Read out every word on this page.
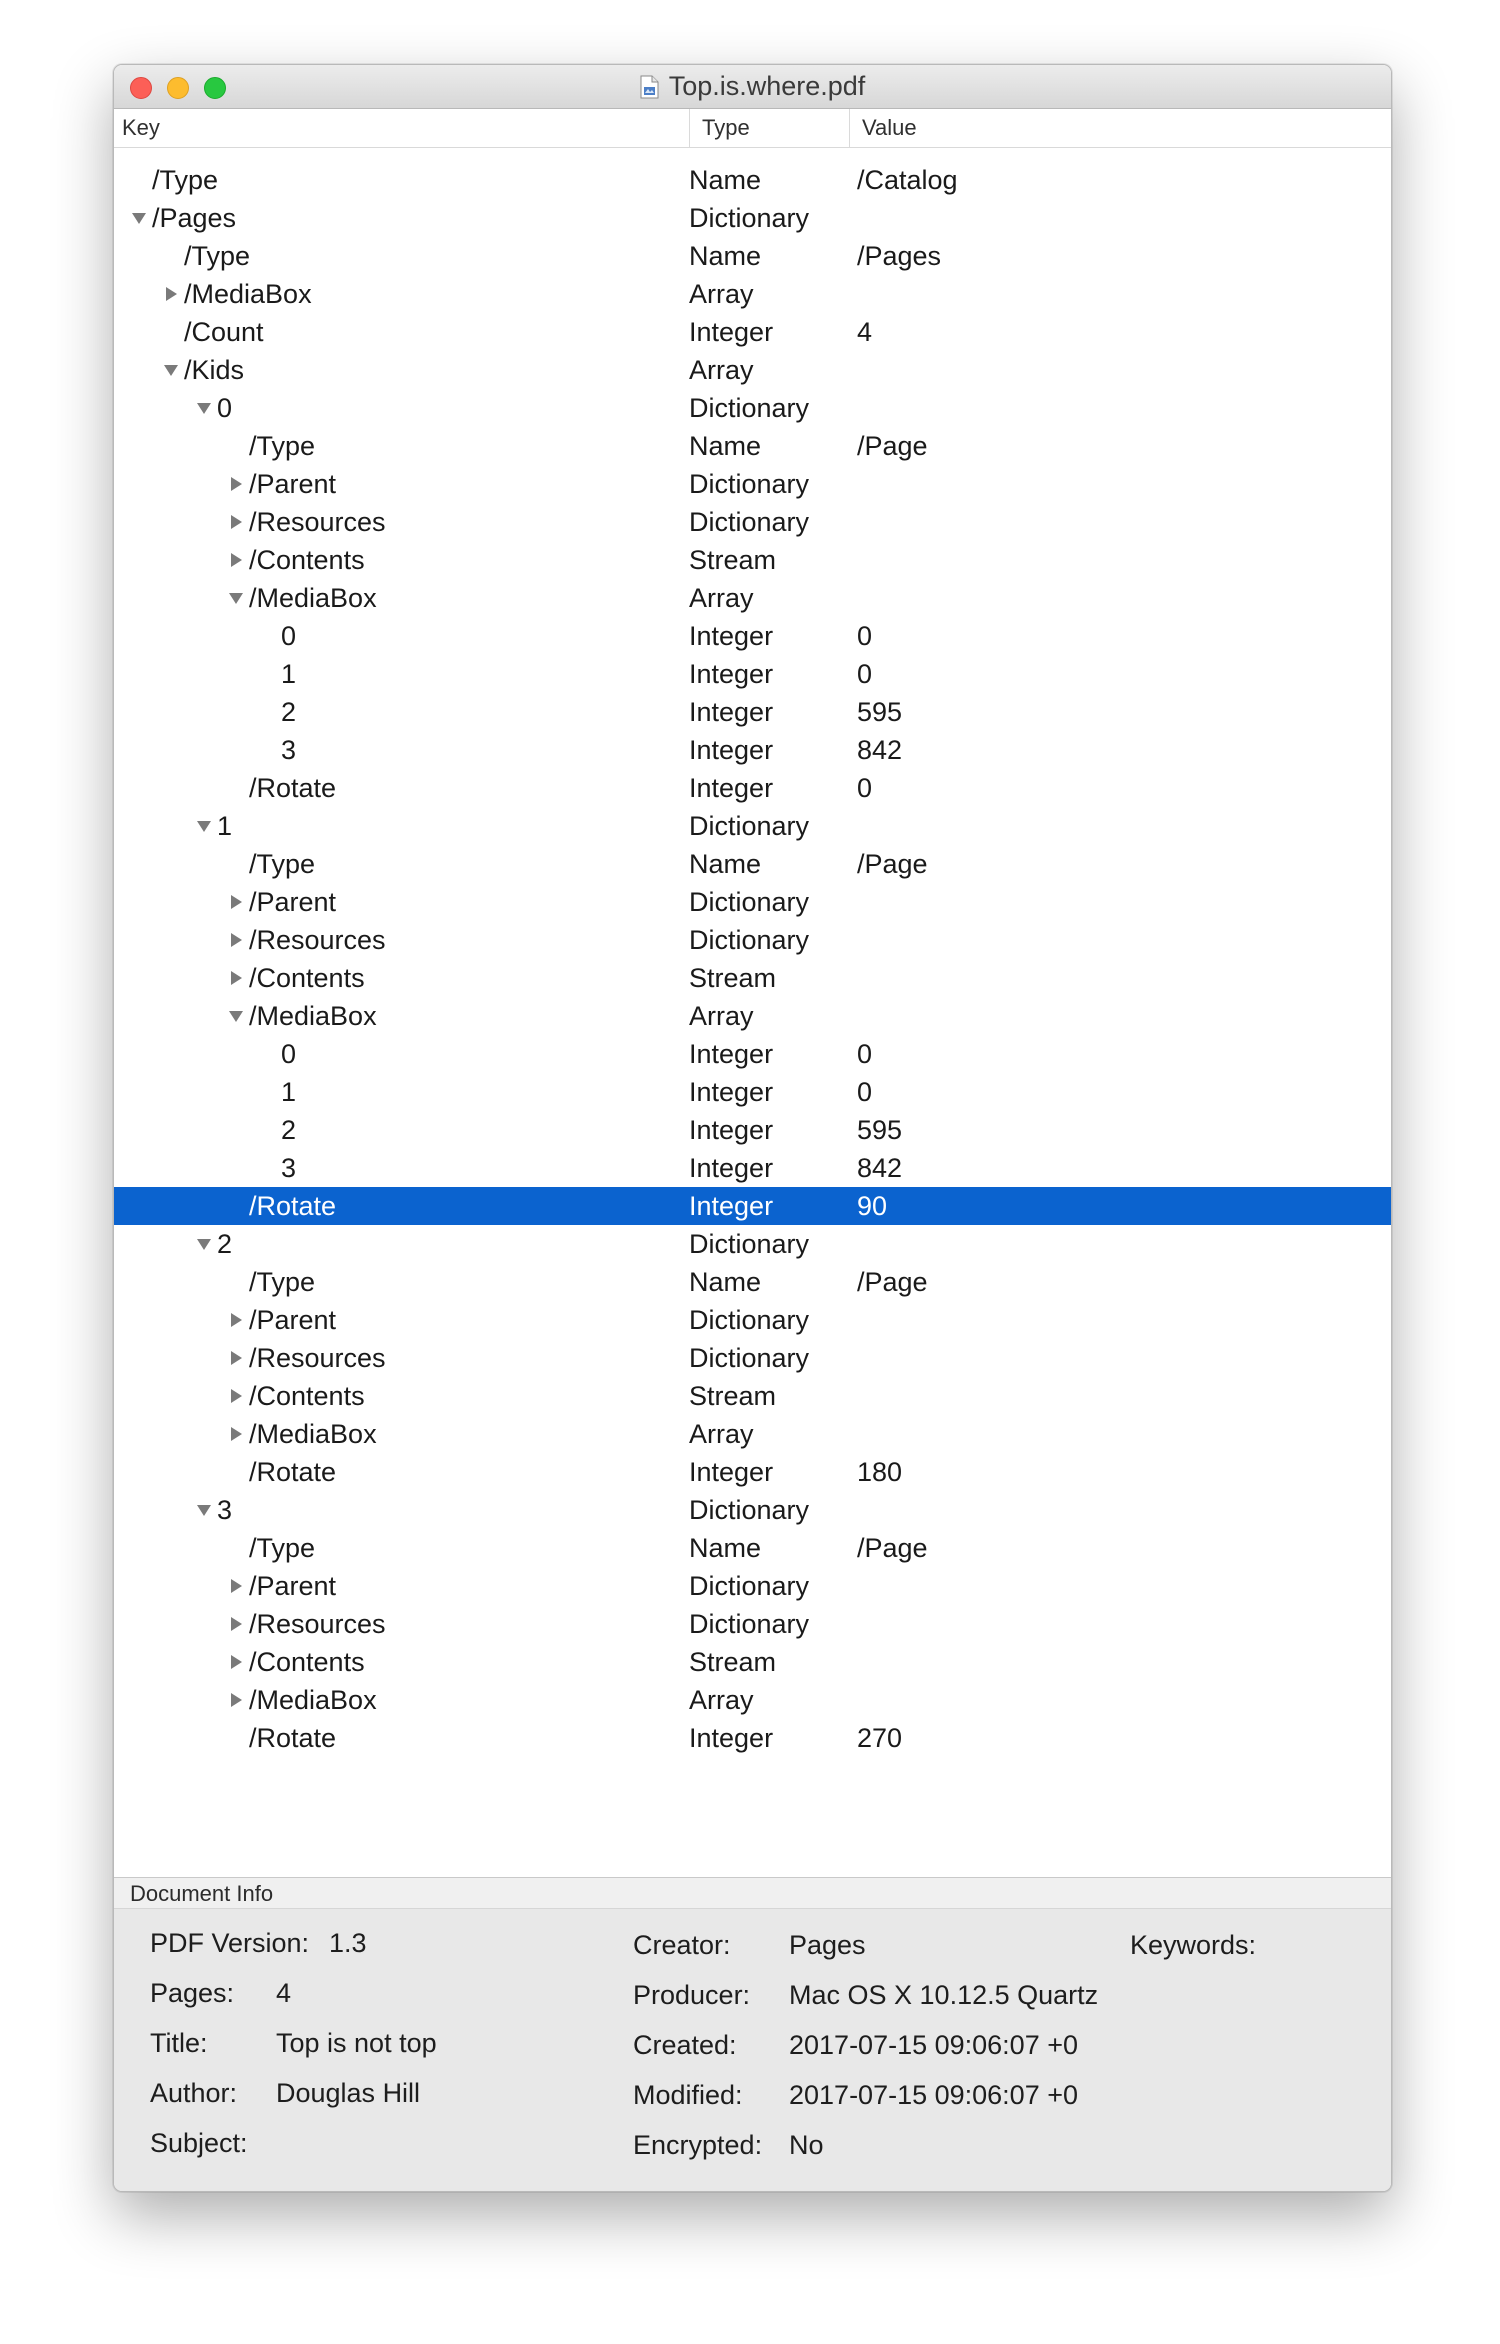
Top.is.where.pdf
Key	Type	Value
/Type	Name	/Catalog
/Pages	Dictionary
/Type	Name	/Pages
/MediaBox	Array
/Count	Integer	4
/Kids	Array
0	Dictionary
/Type	Name	/Page
/Parent	Dictionary
/Resources	Dictionary
/Contents	Stream
/MediaBox	Array
0	Integer	0
1	Integer	0
2	Integer	595
3	Integer	842
/Rotate	Integer	0
1	Dictionary
/Type	Name	/Page
/Parent	Dictionary
/Resources	Dictionary
/Contents	Stream
/MediaBox	Array
0	Integer	0
1	Integer	0
2	Integer	595
3	Integer	842
/Rotate	Integer	90
2	Dictionary
/Type	Name	/Page
/Parent	Dictionary
/Resources	Dictionary
/Contents	Stream
/MediaBox	Array
/Rotate	Integer	180
3	Dictionary
/Type	Name	/Page
/Parent	Dictionary
/Resources	Dictionary
/Contents	Stream
/MediaBox	Array
/Rotate	Integer	270
Document Info
PDF Version: 1.3
Pages: 4
Title:	Top is not top
Author: Douglas Hill
Subject:
Creator: Pages
Producer: Mac OS X 10.12.5 Quartz
Created: 2017-07-15 09:06:07 +0
Modified: 2017-07-15 09:06:07 +0
Encrypted: No
Keywords:
